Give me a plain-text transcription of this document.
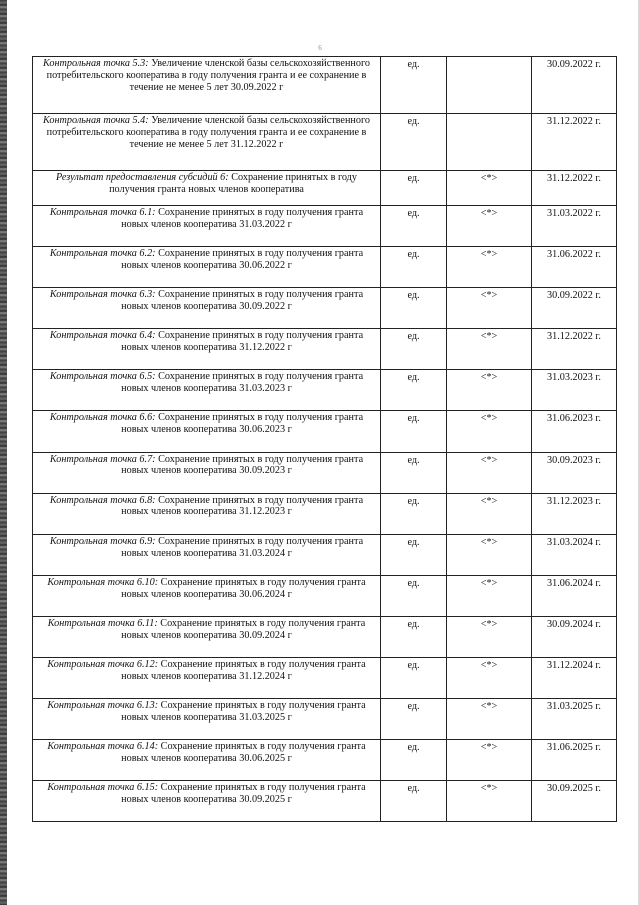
6
Контрольная точка 5.3: Увеличение членской базы сельскохозяйственного потребительского кооператива в году получения гранта и ее сохранение в течение не менее 5 лет 30.09.2022 г	ед.		30.09.2022 г.
Контрольная точка 5.4: Увеличение членской базы сельскохозяйственного потребительского кооператива в году получения гранта и ее сохранение в течение не менее 5 лет 31.12.2022 г	ед.		31.12.2022 г.
Результат предоставления субсидий 6: Сохранение принятых в году получения гранта новых членов кооператива	ед.	<*>	31.12.2022 г.
Контрольная точка 6.1: Сохранение принятых в году получения гранта новых членов кооператива 31.03.2022 г	ед.	<*>	31.03.2022 г.
Контрольная точка 6.2: Сохранение принятых в году получения гранта новых членов кооператива 30.06.2022 г	ед.	<*>	31.06.2022 г.
Контрольная точка 6.3: Сохранение принятых в году получения гранта новых членов кооператива 30.09.2022 г	ед.	<*>	30.09.2022 г.
Контрольная точка 6.4: Сохранение принятых в году получения гранта новых членов кооператива 31.12.2022 г	ед.	<*>	31.12.2022 г.
Контрольная точка 6.5: Сохранение принятых в году получения гранта новых членов кооператива 31.03.2023 г	ед.	<*>	31.03.2023 г.
Контрольная точка 6.6: Сохранение принятых в году получения гранта новых членов кооператива 30.06.2023 г	ед.	<*>	31.06.2023 г.
Контрольная точка 6.7: Сохранение принятых в году получения гранта новых членов кооператива 30.09.2023 г	ед.	<*>	30.09.2023 г.
Контрольная точка 6.8: Сохранение принятых в году получения гранта новых членов кооператива 31.12.2023 г	ед.	<*>	31.12.2023 г.
Контрольная точка 6.9: Сохранение принятых в году получения гранта новых членов кооператива 31.03.2024 г	ед.	<*>	31.03.2024 г.
Контрольная точка 6.10: Сохранение принятых в году получения гранта новых членов кооператива 30.06.2024 г	ед.	<*>	31.06.2024 г.
Контрольная точка 6.11: Сохранение принятых в году получения гранта новых членов кооператива 30.09.2024 г	ед.	<*>	30.09.2024 г.
Контрольная точка 6.12: Сохранение принятых в году получения гранта новых членов кооператива 31.12.2024 г	ед.	<*>	31.12.2024 г.
Контрольная точка 6.13: Сохранение принятых в году получения гранта новых членов кооператива 31.03.2025 г	ед.	<*>	31.03.2025 г.
Контрольная точка 6.14: Сохранение принятых в году получения гранта новых членов кооператива 30.06.2025 г	ед.	<*>	31.06.2025 г.
Контрольная точка 6.15: Сохранение принятых в году получения гранта новых членов кооператива 30.09.2025 г	ед.	<*>	30.09.2025 г.
